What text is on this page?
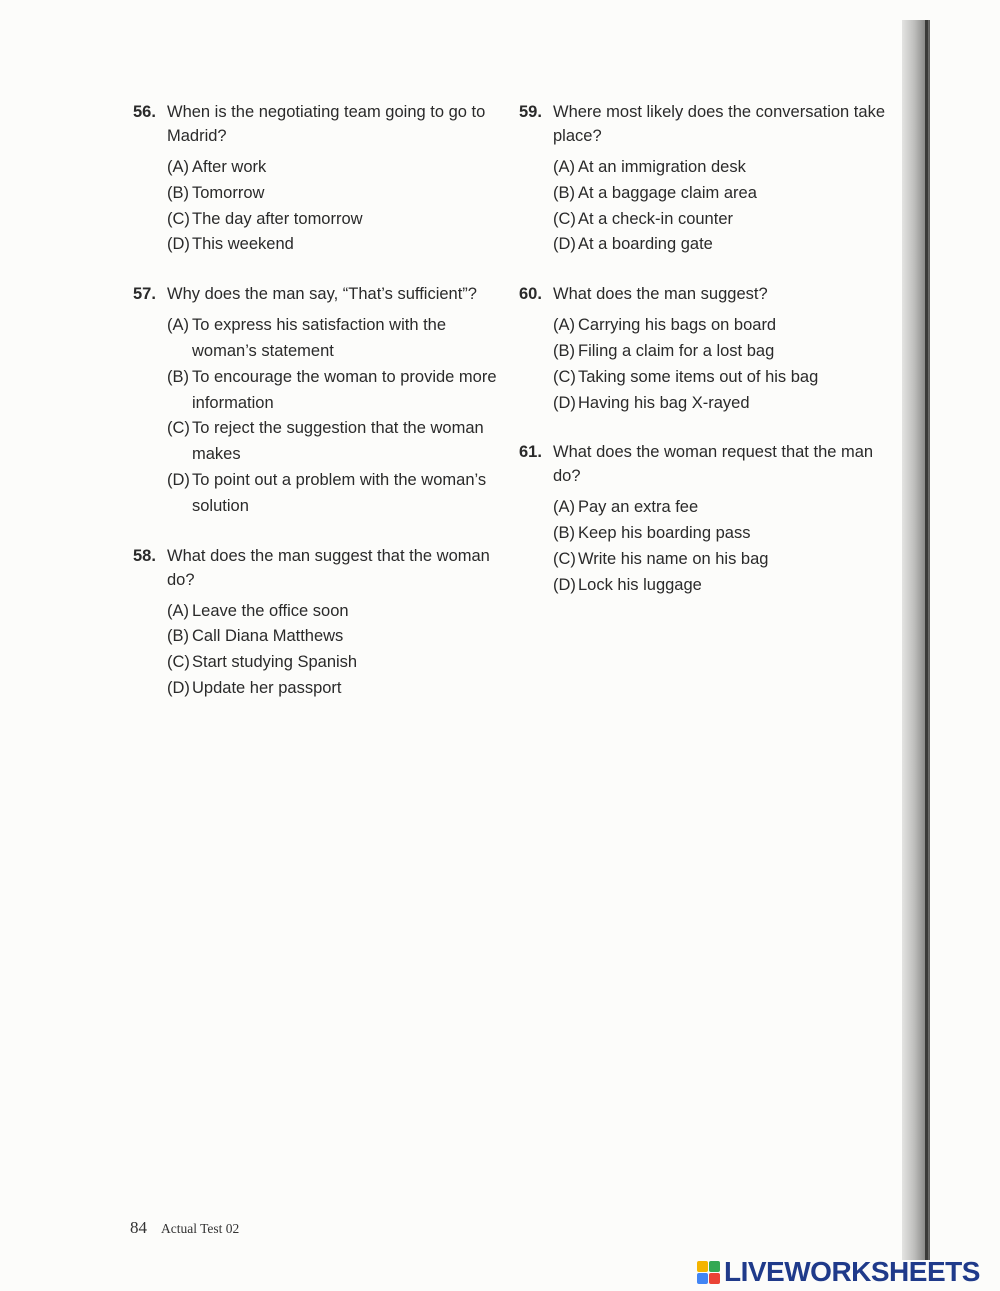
56. When is the negotiating team going to go to Madrid?
(A) After work
(B) Tomorrow
(C) The day after tomorrow
(D) This weekend
57. Why does the man say, “That’s sufficient”?
(A) To express his satisfaction with the woman’s statement
(B) To encourage the woman to provide more information
(C) To reject the suggestion that the woman makes
(D) To point out a problem with the woman’s solution
58. What does the man suggest that the woman do?
(A) Leave the office soon
(B) Call Diana Matthews
(C) Start studying Spanish
(D) Update her passport
59. Where most likely does the conversation take place?
(A) At an immigration desk
(B) At a baggage claim area
(C) At a check-in counter
(D) At a boarding gate
60. What does the man suggest?
(A) Carrying his bags on board
(B) Filing a claim for a lost bag
(C) Taking some items out of his bag
(D) Having his bag X-rayed
61. What does the woman request that the man do?
(A) Pay an extra fee
(B) Keep his boarding pass
(C) Write his name on his bag
(D) Lock his luggage
84 Actual Test 02
LIVEWORKSHEETS
